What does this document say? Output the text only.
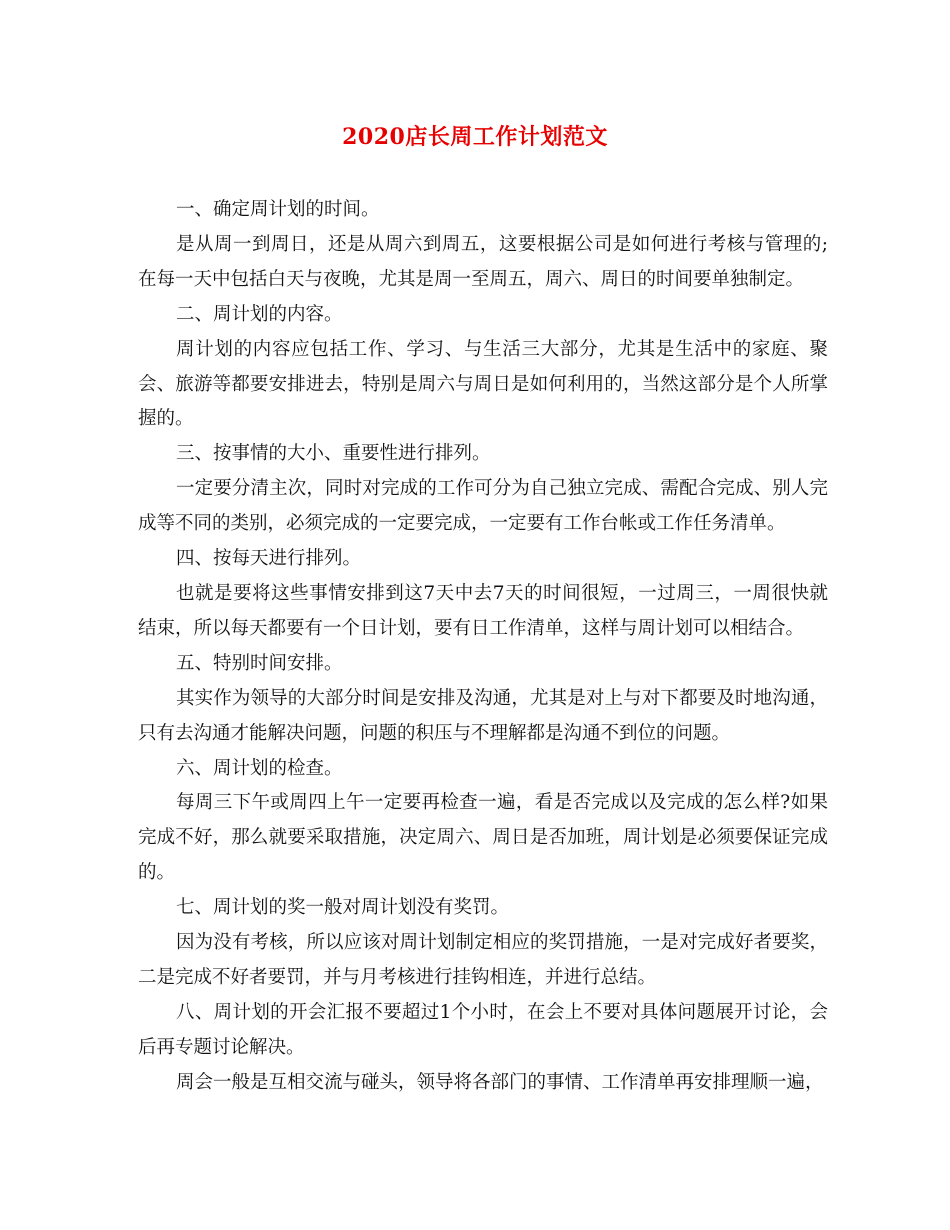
2020店长周工作计划范文

一、确定周计划的时间。

是从周一到周日，还是从周六到周五，这要根据公司是如何进行考核与管理的;在每一天中包括白天与夜晚，尤其是周一至周五，周六、周日的时间要单独制定。

二、周计划的内容。

周计划的内容应包括工作、学习、与生活三大部分，尤其是生活中的家庭、聚会、旅游等都要安排进去，特别是周六与周日是如何利用的，当然这部分是个人所掌握的。

三、按事情的大小、重要性进行排列。

一定要分清主次，同时对完成的工作可分为自己独立完成、需配合完成、别人完成等不同的类别，必须完成的一定要完成，一定要有工作台帐或工作任务清单。

四、按每天进行排列。

也就是要将这些事情安排到这7天中去7天的时间很短，一过周三，一周很快就结束，所以每天都要有一个日计划，要有日工作清单，这样与周计划可以相结合。

五、特别时间安排。

其实作为领导的大部分时间是安排及沟通，尤其是对上与对下都要及时地沟通，只有去沟通才能解决问题，问题的积压与不理解都是沟通不到位的问题。

六、周计划的检查。

每周三下午或周四上午一定要再检查一遍，看是否完成以及完成的怎么样?如果完成不好，那么就要采取措施，决定周六、周日是否加班，周计划是必须要保证完成的。

七、周计划的奖一般对周计划没有奖罚。

因为没有考核，所以应该对周计划制定相应的奖罚措施，一是对完成好者要奖，二是完成不好者要罚，并与月考核进行挂钩相连，并进行总结。

八、周计划的开会汇报不要超过1个小时，在会上不要对具体问题展开讨论，会后再专题讨论解决。

周会一般是互相交流与碰头，领导将各部门的事情、工作清单再安排理顺一遍，
